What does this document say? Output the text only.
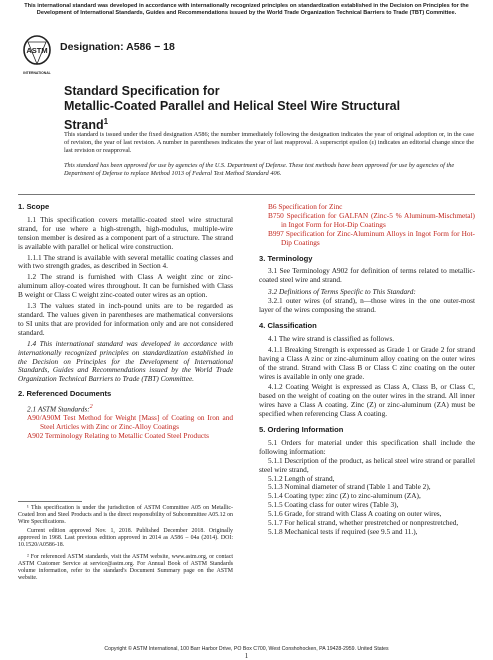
This international standard was developed in accordance with internationally recognized principles on standardization established in the Decision on Principles for the Development of International Standards, Guides and Recommendations issued by the World Trade Organization Technical Barriers to Trade (TBT) Committee.
ASTM
INTERNATIONAL
Designation: A586 − 18
Standard Specification for
Metallic-Coated Parallel and Helical Steel Wire Structural
Strand$^1$
This standard is issued under the fixed designation A586; the number immediately following the designation indicates the year of original adoption or, in the case of revision, the year of last revision. A number in parentheses indicates the year of last reapproval. A superscript epsilon (ε) indicates an editorial change since the last revision or reapproval.
This standard has been approved for use by agencies of the U.S. Department of Defense. These test methods have been approved for use by agencies of the Department of Defense to replace Method 1013 of Federal Test Method Standard 406.

1. Scope

1.1 This specification covers metallic-coated steel wire structural strand, for use where a high-strength, high-modulus, multiple-wire tension member is desired as a component part of a structure. The strand is available with parallel or helical wire construction.

1.1.1 The strand is available with several metallic coating classes and with two strength grades, as described in Section 4.

1.2 The strand is furnished with Class A weight zinc or zinc-aluminum alloy-coated wires throughout. It can be furnished with Class B weight or Class C weight zinc-coated outer wires as an option.

1.3 The values stated in inch-pound units are to be regarded as standard. The values given in parentheses are mathematical conversions to SI units that are provided for information only and are not considered standard.

1.4 This international standard was developed in accordance with internationally recognized principles on standardization established in the Decision on Principles for the Development of International Standards, Guides and Recommendations issued by the World Trade Organization Technical Barriers to Trade (TBT) Committee.

2. Referenced Documents

2.1 ASTM Standards:$^2$

A90/A90M Test Method for Weight [Mass] of Coating on Iron and Steel Articles with Zinc or Zinc-Alloy Coatings

A902 Terminology Relating to Metallic Coated Steel Products

¹ This specification is under the jurisdiction of ASTM Committee A05 on Metallic-Coated Iron and Steel Products and is the direct responsibility of Subcommittee A05.12 on Wire Specifications.

Current edition approved Nov. 1, 2018. Published December 2018. Originally approved in 1968. Last previous edition approved in 2014 as A586 – 04a (2014). DOI: 10.1520/A0586-18.

² For referenced ASTM standards, visit the ASTM website, www.astm.org, or contact ASTM Customer Service at service@astm.org. For Annual Book of ASTM Standards volume information, refer to the standard's Document Summary page on the ASTM website.

B6 Specification for Zinc

B750 Specification for GALFAN (Zinc-5 % Aluminum-Mischmetal) in Ingot Form for Hot-Dip Coatings

B997 Specification for Zinc-Aluminum Alloys in Ingot Form for Hot-Dip Coatings

3. Terminology

3.1 See Terminology A902 for definition of terms related to metallic-coated steel wire and strand.

3.2 Definitions of Terms Specific to This Standard:

3.2.1 outer wires (of strand), n—those wires in the one outer-most layer of the wires composing the strand.

4. Classification

4.1 The wire strand is classified as follows.

4.1.1 Breaking Strength is expressed as Grade 1 or Grade 2 for strand having a Class A zinc or zinc-aluminum alloy coating on the outer wires of the strand. Strand with Class B or Class C zinc coating on the outer wires is available in only one grade.

4.1.2 Coating Weight is expressed as Class A, Class B, or Class C, based on the weight of coating on the outer wires in the strand. All inner wires have a Class A coating. Zinc (Z) or zinc-aluminum (ZA) must be specified when referencing Class A coating.

5. Ordering Information

5.1 Orders for material under this specification shall include the following information:

5.1.1 Description of the product, as helical steel wire strand or parallel steel wire strand,

5.1.2 Length of strand,

5.1.3 Nominal diameter of strand (Table 1 and Table 2),

5.1.4 Coating type: zinc (Z) to zinc-aluminum (ZA),

5.1.5 Coating class for outer wires (Table 3),

5.1.6 Grade, for strand with Class A coating on outer wires,

5.1.7 For helical strand, whether prestretched or nonprestretched,

5.1.8 Mechanical tests if required (see 9.5 and 11.),

Copyright © ASTM International, 100 Barr Harbor Drive, PO Box C700, West Conshohocken, PA 19428-2959. United States
1
